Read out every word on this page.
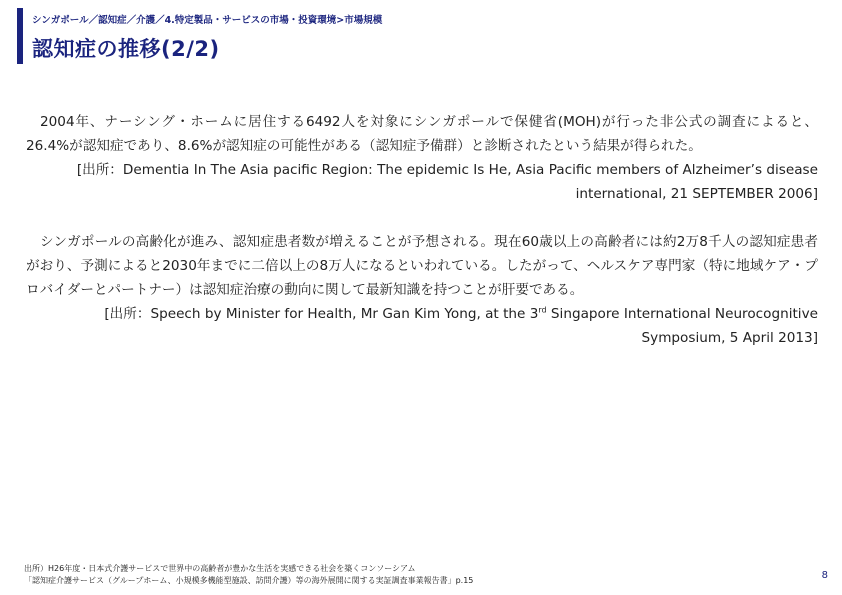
シンガポール／認知症／介護／4.特定製品・サービスの市場・投資環境>市場規模
認知症の推移(2/2)

2004年、ナーシング・ホームに居住する6492人を対象にシンガポールで保健省(MOH)が行った非公式の調査によると、26.4%が認知症であり、8.6%が認知症の可能性がある（認知症予備群）と診断されたという結果が得られた。

[出所：Dementia In The Asia pacific Region: The epidemic Is He, Asia Pacific members of Alzheimer’s disease international, 21 SEPTEMBER 2006]

シンガポールの高齢化が進み、認知症患者数が増えることが予想される。現在60歳以上の高齢者には約2万8千人の認知症患者がおり、予測によると2030年までに二倍以上の8万人になるといわれている。したがって、ヘルスケア専門家（特に地域ケア・プロバイダーとパートナー）は認知症治療の動向に関して最新知識を持つことが肝要である。

[出所：Speech by Minister for Health, Mr Gan Kim Yong, at the 3rd Singapore International Neurocognitive Symposium, 5 April 2013]

出所）H26年度・日本式介護サービスで世界中の高齢者が豊かな生活を実感できる社会を築くコンソーシアム

「認知症介護サービス（グループホーム、小規模多機能型施設、訪問介護）等の海外展開に関する実証調査事業報告書」p.15	8
